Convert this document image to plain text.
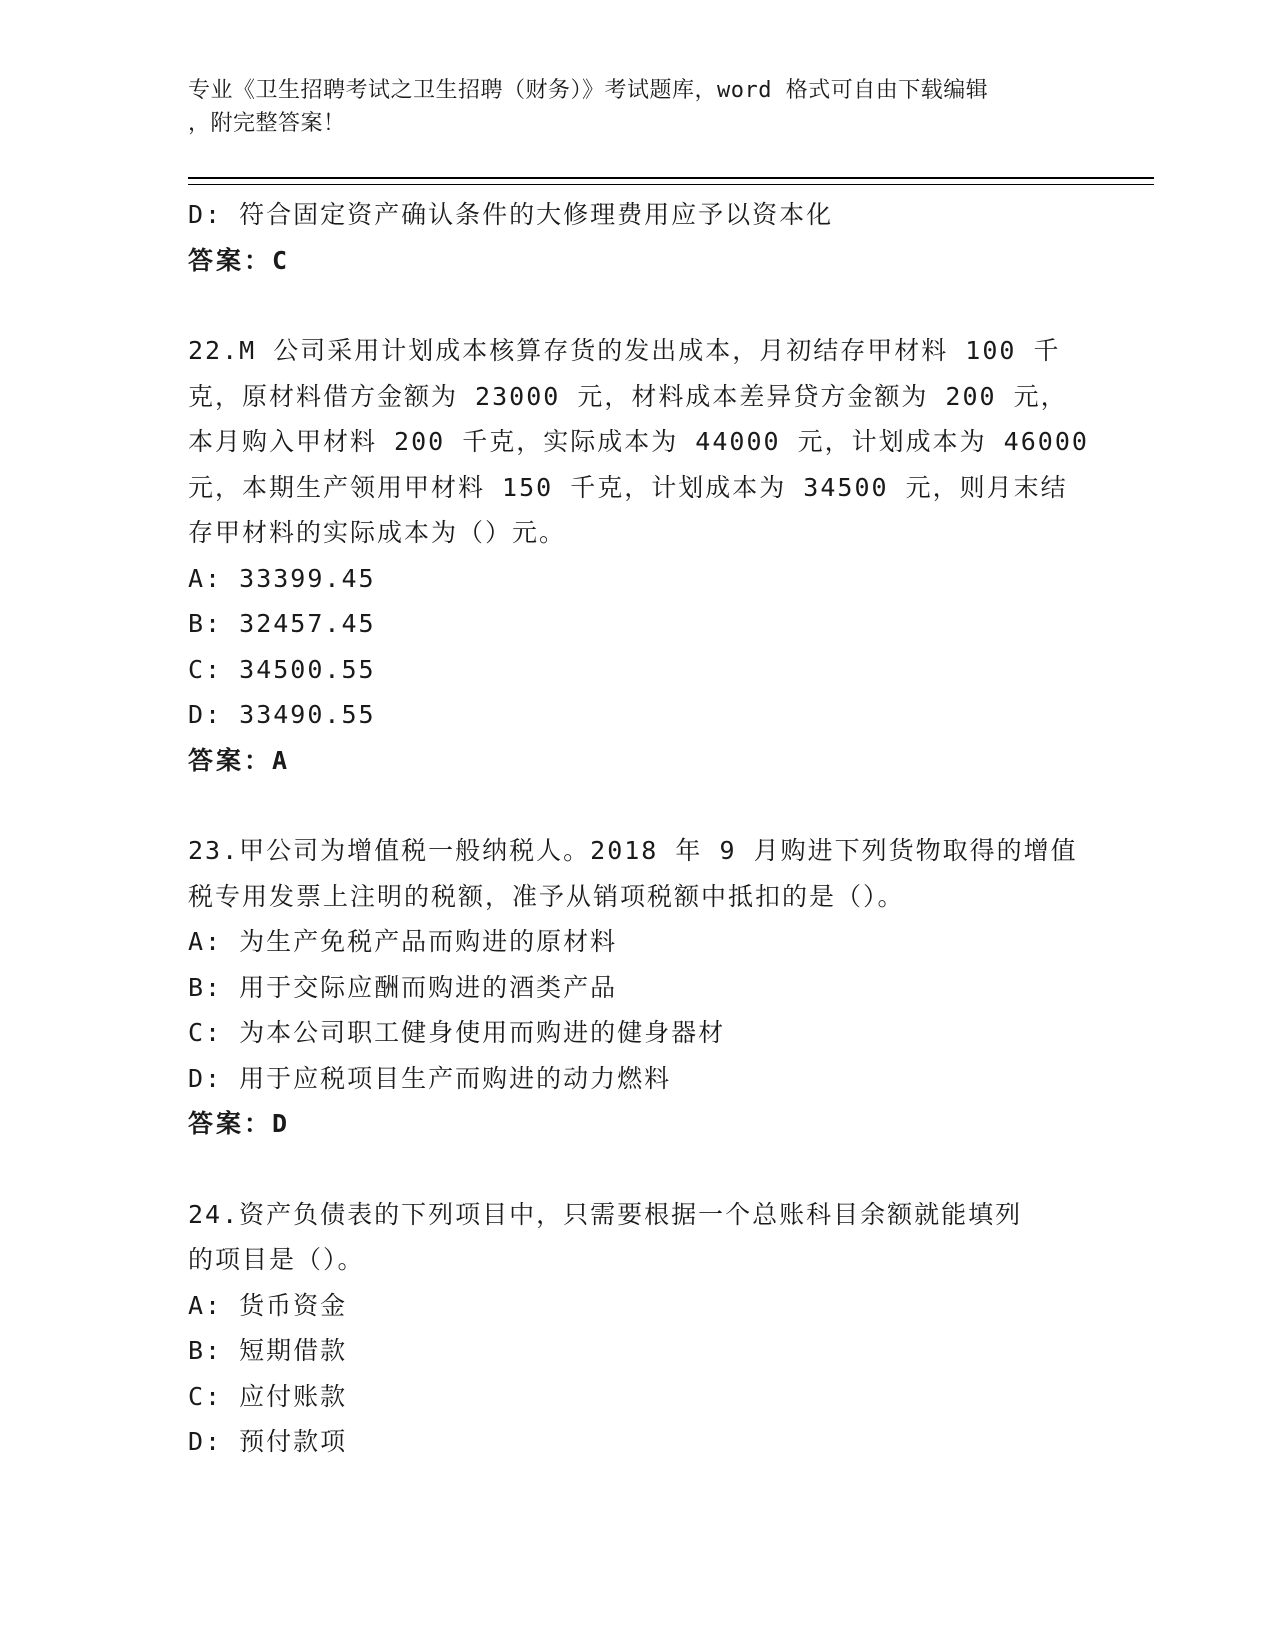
专业《卫生招聘考试之卫生招聘（财务）》考试题库，word 格式可自由下载编辑
，附完整答案！
D: 符合固定资产确认条件的大修理费用应予以资本化
答案：C
22.M 公司采用计划成本核算存货的发出成本，月初结存甲材料 100 千
克，原材料借方金额为 23000 元，材料成本差异贷方金额为 200 元，
本月购入甲材料 200 千克，实际成本为 44000 元，计划成本为 46000
元，本期生产领用甲材料 150 千克，计划成本为 34500 元，则月末结
存甲材料的实际成本为（）元。
A: 33399.45
B: 32457.45
C: 34500.55
D: 33490.55
答案：A
23.甲公司为增值税一般纳税人。2018 年 9 月购进下列货物取得的增值
税专用发票上注明的税额，准予从销项税额中抵扣的是（）。
A: 为生产免税产品而购进的原材料
B: 用于交际应酬而购进的酒类产品
C: 为本公司职工健身使用而购进的健身器材
D: 用于应税项目生产而购进的动力燃料
答案：D
24.资产负债表的下列项目中，只需要根据一个总账科目余额就能填列
的项目是（）。
A: 货币资金
B: 短期借款
C: 应付账款
D: 预付款项
